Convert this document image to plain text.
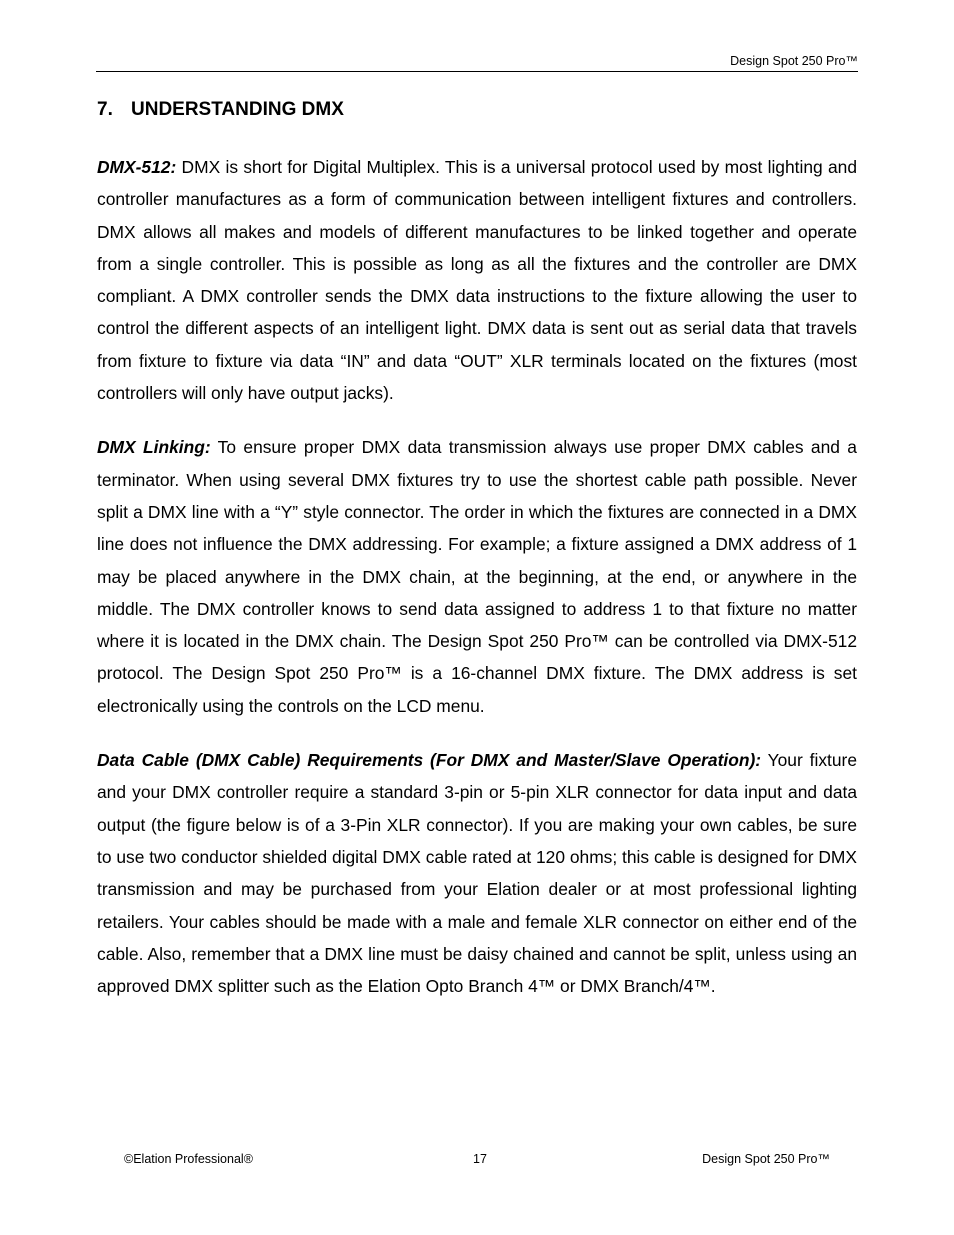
Design Spot 250 Pro™
7. UNDERSTANDING DMX

DMX-512: DMX is short for Digital Multiplex. This is a universal protocol used by most lighting and controller manufactures as a form of communication between intelligent fixtures and controllers. DMX allows all makes and models of different manufactures to be linked together and operate from a single controller. This is possible as long as all the fixtures and the controller are DMX compliant. A DMX controller sends the DMX data instructions to the fixture allowing the user to control the different aspects of an intelligent light. DMX data is sent out as serial data that travels from fixture to fixture via data “IN” and data “OUT” XLR terminals located on the fixtures (most controllers will only have output jacks).

DMX Linking: To ensure proper DMX data transmission always use proper DMX cables and a terminator. When using several DMX fixtures try to use the shortest cable path possible. Never split a DMX line with a “Y” style connector. The order in which the fixtures are connected in a DMX line does not influence the DMX addressing. For example; a fixture assigned a DMX address of 1 may be placed anywhere in the DMX chain, at the beginning, at the end, or anywhere in the middle. The DMX controller knows to send data assigned to address 1 to that fixture no matter where it is located in the DMX chain. The Design Spot 250 Pro™ can be controlled via DMX-512 protocol. The Design Spot 250 Pro™ is a 16-channel DMX fixture. The DMX address is set electronically using the controls on the LCD menu.

Data Cable (DMX Cable) Requirements (For DMX and Master/Slave Operation): Your fixture and your DMX controller require a standard 3-pin or 5-pin XLR connector for data input and data output (the figure below is of a 3-Pin XLR connector). If you are making your own cables, be sure to use two conductor shielded digital DMX cable rated at 120 ohms; this cable is designed for DMX transmission and may be purchased from your Elation dealer or at most professional lighting retailers. Your cables should be made with a male and female XLR connector on either end of the cable. Also, remember that a DMX line must be daisy chained and cannot be split, unless using an approved DMX splitter such as the Elation Opto Branch 4™ or DMX Branch/4™.

©Elation Professional®	17	Design Spot 250 Pro™
